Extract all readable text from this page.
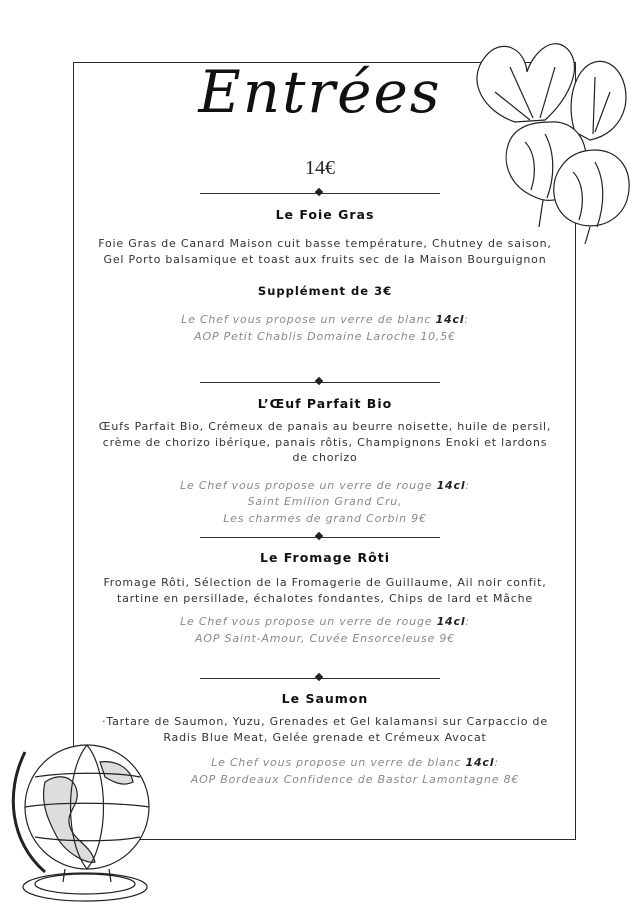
Entrées
14€

Le Foie Gras

Foie Gras de Canard Maison cuit basse température, Chutney de saison, Gel Porto balsamique et toast aux fruits sec de la Maison Bourguignon

Supplément de 3€

Le Chef vous propose un verre de blanc 14cl:
AOP Petit Chablis Domaine Laroche 10,5€

L’Œuf Parfait Bio

Œufs Parfait Bio, Crémeux de panais au beurre noisette, huile de persil, crème de chorizo ibérique, panais rôtis, Champignons Enoki et lardons de chorizo

Le Chef vous propose un verre de rouge 14cl:
Saint Emilion Grand Cru,
Les charmes de grand Corbin 9€

Le Fromage Rôti

Fromage Rôti, Sélection de la Fromagerie de Guillaume, Ail noir confit, tartine en persillade, échalotes fondantes, Chips de lard et Mâche

Le Chef vous propose un verre de rouge 14cl:
AOP Saint-Amour, Cuvée Ensorceleuse 9€

Le Saumon

·Tartare de Saumon, Yuzu, Grenades et Gel kalamansi sur Carpaccio de Radis Blue Meat, Gelée grenade et Crémeux Avocat

Le Chef vous propose un verre de blanc 14cl:
AOP Bordeaux Confidence de Bastor Lamontagne 8€
